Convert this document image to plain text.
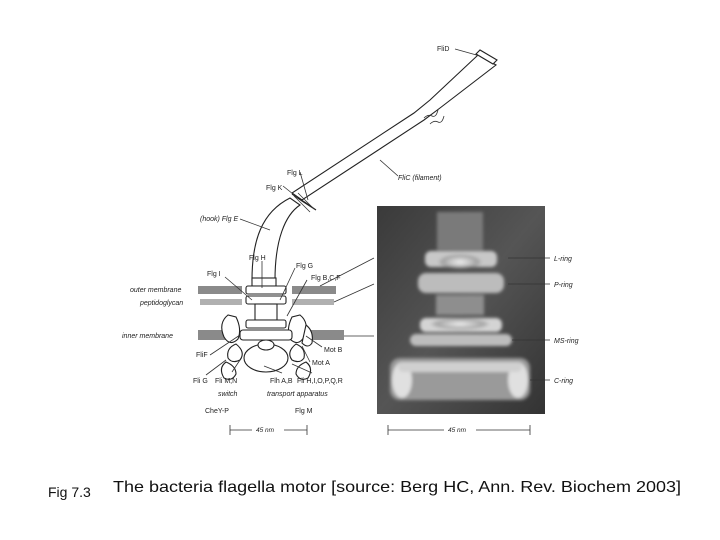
FliD
Flg L
Flg K
FliC (filament)
(hook) Flg E
Flg H
Flg G
Flg I
Flg B,C,F
outer membrane
peptidoglycan
inner membrane
FliF
Mot B
Mot A
Fli G Fli M,N
switch
Flh A,B Fli H,I,O,P,Q,R
transport apparatus
CheY-P	Flg M
45 nm
L-ring
P-ring
MS-ring
C-ring
45 nm
Fig 7.3 The bacteria flagella motor [source: Berg HC, Ann. Rev. Biochem 2003]
